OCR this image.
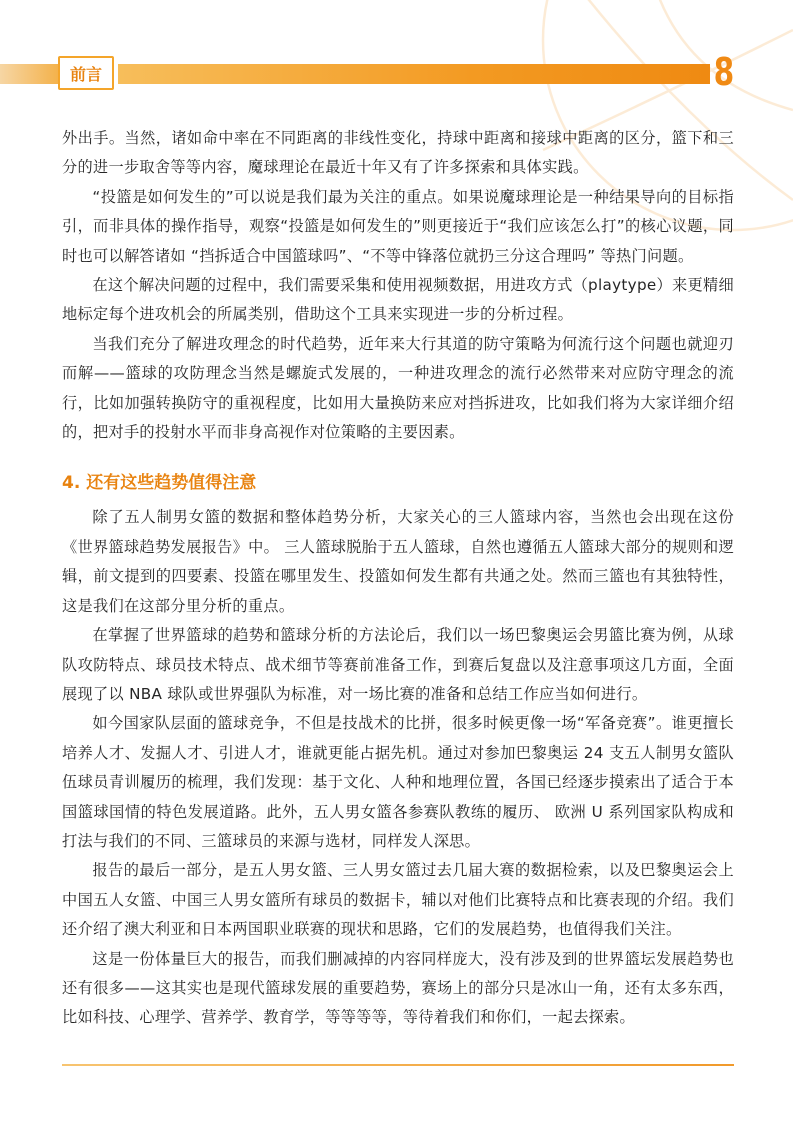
前言	8

外出手。当然，诸如命中率在不同距离的非线性变化，持球中距离和接球中距离的区分，篮下和三分的进一步取舍等等内容，魔球理论在最近十年又有了许多探索和具体实践。

“投篮是如何发生的”可以说是我们最为关注的重点。如果说魔球理论是一种结果导向的目标指引，而非具体的操作指导，观察“投篮是如何发生的”则更接近于“我们应该怎么打”的核心议题，同时也可以解答诸如 “挡拆适合中国篮球吗”、“不等中锋落位就扔三分这合理吗” 等热门问题。

在这个解决问题的过程中，我们需要采集和使用视频数据，用进攻方式（playtype）来更精细地标定每个进攻机会的所属类别，借助这个工具来实现进一步的分析过程。

当我们充分了解进攻理念的时代趋势，近年来大行其道的防守策略为何流行这个问题也就迎刃而解——篮球的攻防理念当然是螺旋式发展的，一种进攻理念的流行必然带来对应防守理念的流行，比如加强转换防守的重视程度，比如用大量换防来应对挡拆进攻，比如我们将为大家详细介绍的，把对手的投射水平而非身高视作对位策略的主要因素。

4. 还有这些趋势值得注意

除了五人制男女篮的数据和整体趋势分析，大家关心的三人篮球内容，当然也会出现在这份《世界篮球趋势发展报告》中。 三人篮球脱胎于五人篮球，自然也遵循五人篮球大部分的规则和逻辑，前文提到的四要素、投篮在哪里发生、投篮如何发生都有共通之处。然而三篮也有其独特性，这是我们在这部分里分析的重点。

在掌握了世界篮球的趋势和篮球分析的方法论后，我们以一场巴黎奥运会男篮比赛为例，从球队攻防特点、球员技术特点、战术细节等赛前准备工作，到赛后复盘以及注意事项这几方面，全面展现了以 NBA 球队或世界强队为标准，对一场比赛的准备和总结工作应当如何进行。

如今国家队层面的篮球竞争，不但是技战术的比拼，很多时候更像一场“军备竞赛”。谁更擅长培养人才、发掘人才、引进人才，谁就更能占据先机。通过对参加巴黎奥运 24 支五人制男女篮队伍球员青训履历的梳理，我们发现：基于文化、人种和地理位置，各国已经逐步摸索出了适合于本国篮球国情的特色发展道路。此外，五人男女篮各参赛队教练的履历、 欧洲 U 系列国家队构成和打法与我们的不同、三篮球员的来源与选材，同样发人深思。

报告的最后一部分，是五人男女篮、三人男女篮过去几届大赛的数据检索，以及巴黎奥运会上中国五人女篮、中国三人男女篮所有球员的数据卡，辅以对他们比赛特点和比赛表现的介绍。我们还介绍了澳大利亚和日本两国职业联赛的现状和思路，它们的发展趋势，也值得我们关注。

这是一份体量巨大的报告，而我们删减掉的内容同样庞大，没有涉及到的世界篮坛发展趋势也还有很多——这其实也是现代篮球发展的重要趋势，赛场上的部分只是冰山一角，还有太多东西，比如科技、心理学、营养学、教育学，等等等等，等待着我们和你们，一起去探索。
